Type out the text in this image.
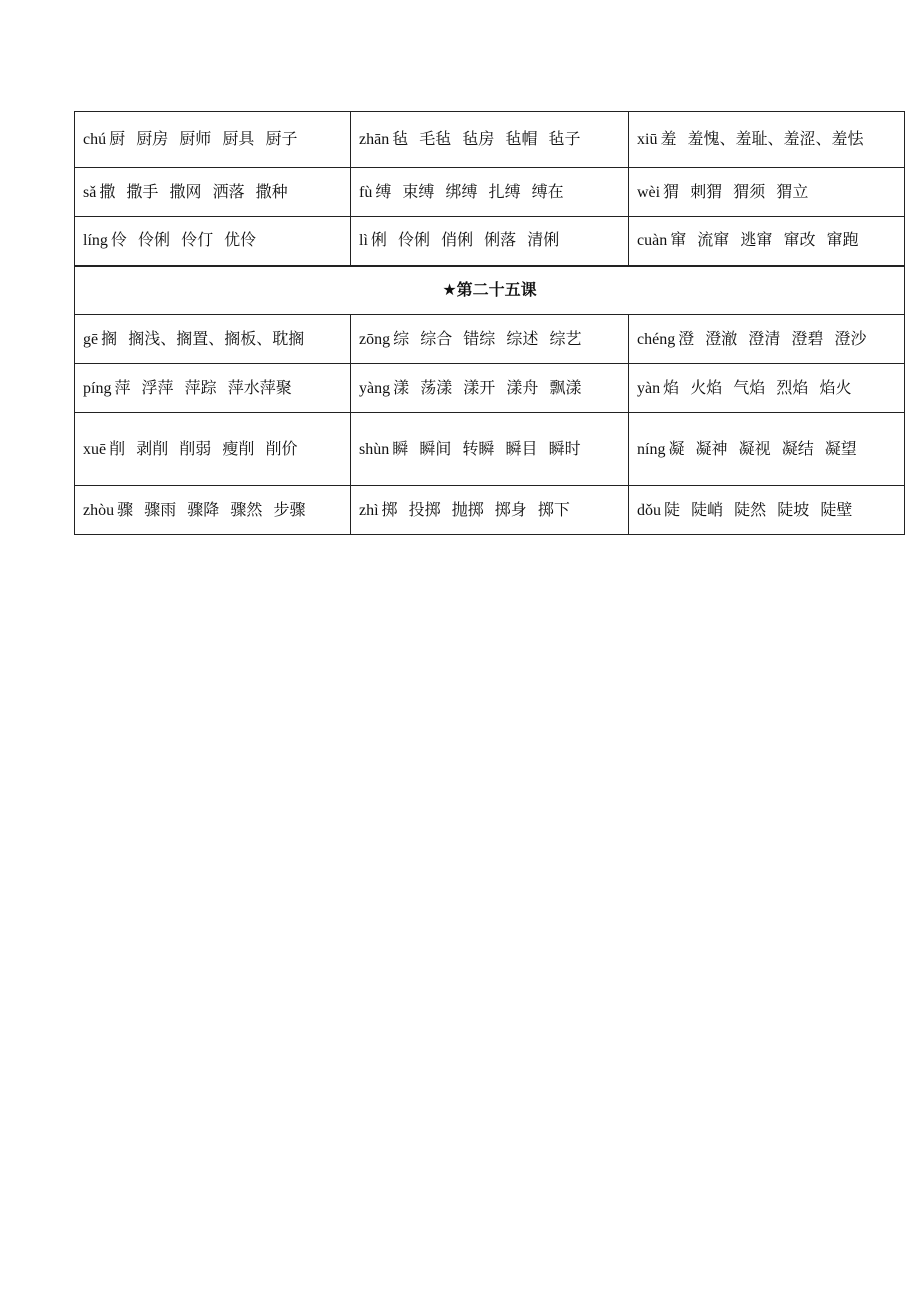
chú 厨 厨房 厨师 厨具 厨子	zhān 毡 毛毡 毡房 毡帽 毡子	xiū 羞 羞愧、羞耻、羞涩、羞怯
sǎ 撒 撒手 撒网 洒落 撒种	fù 缚 束缚 绑缚 扎缚 缚在	wèi 猬 刺猬 猬须 猬立
líng 伶 伶俐 伶仃 优伶	lì 俐 伶俐 俏俐 俐落 清俐	cuàn 窜 流窜 逃窜 窜改 窜跑
★第二十五课		
gē 搁 搁浅、搁置、搁板、耽搁	zōng 综 综合 错综 综述 综艺	chéng 澄 澄澈 澄清 澄碧 澄沙
píng 萍 浮萍 萍踪 萍水萍聚	yàng 漾 荡漾 漾开 漾舟 飘漾	yàn 焰 火焰 气焰 烈焰 焰火
xuē 削 剥削 削弱 瘦削 削价	shùn 瞬 瞬间 转瞬 瞬目 瞬时	níng 凝 凝神 凝视 凝结 凝望
zhòu 骤 骤雨 骤降 骤然 步骤	zhì 掷 投掷 抛掷 掷身 掷下	dǒu 陡 陡峭 陡然 陡坡 陡壁
